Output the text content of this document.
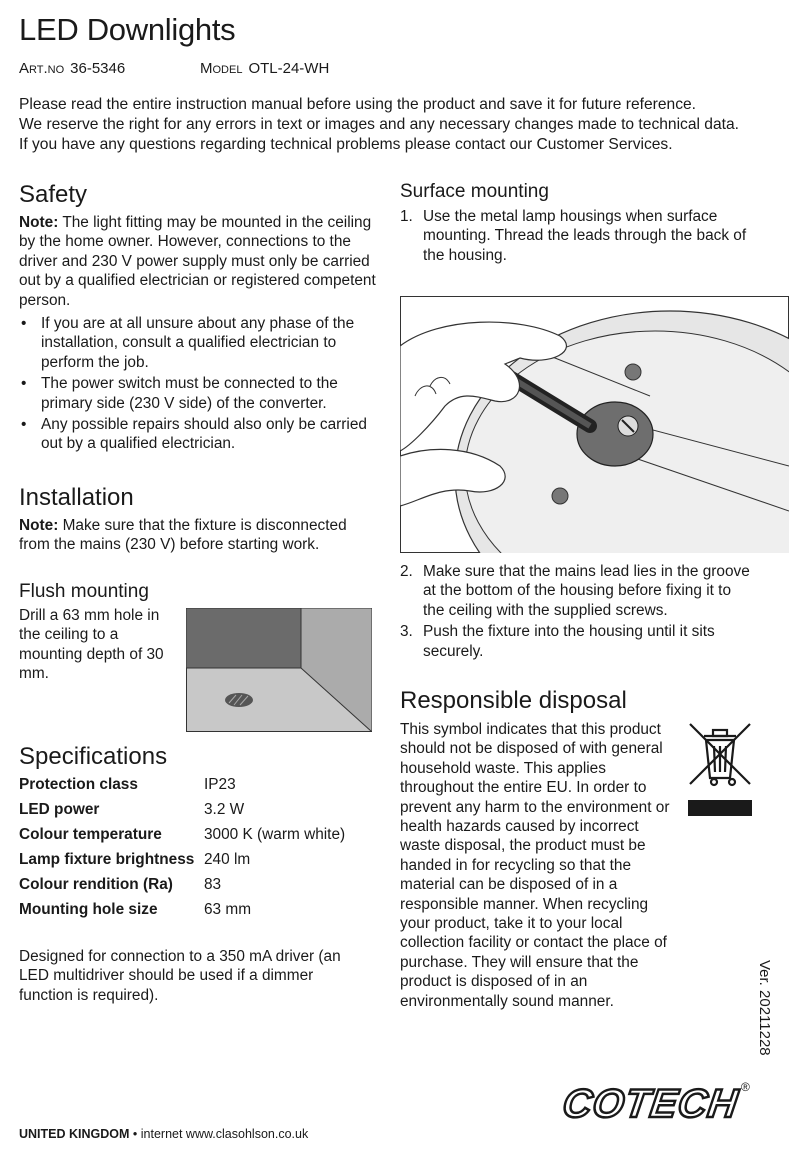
LED Downlights
Art.no 36-5346	Model OTL-24-WH

Please read the entire instruction manual before using the product and save it for future reference.

We reserve the right for any errors in text or images and any necessary changes made to technical data.

If you have any questions regarding technical problems please contact our Customer Services.

Safety
Note: The light fitting may be mounted in the ceiling by the home owner. However, connections to the driver and 230 V power supply must only be carried out by a qualified electrician or registered competent person.
• If you are at all unsure about any phase of the installation, consult a qualified electrician to perform the job.
• The power switch must be connected to the primary side (230 V side) of the converter.
• Any possible repairs should also only be carried out by a qualified electrician.
Installation
Note: Make sure that the fixture is disconnected from the mains (230 V) before starting work.
Flush mounting
Drill a 63 mm hole in the ceiling to a mounting depth of 30 mm.
Specifications
Protection class	IP23
LED power	3.2 W
Colour temperature	3000 K (warm white)
Lamp fixture brightness	240 lm
Colour rendition (Ra)	83
Mounting hole size	63 mm
Designed for connection to a 350 mA driver (an LED multidriver should be used if a dimmer function is required).
Surface mounting
1. Use the metal lamp housings when surface mounting. Thread the leads through the back of the housing.
2. Make sure that the mains lead lies in the groove at the bottom of the housing before fixing it to the ceiling with the supplied screws.
3. Push the fixture into the housing until it sits securely.
Responsible disposal
This symbol indicates that this product should not be disposed of with general household waste. This applies throughout the entire EU. In order to prevent any harm to the environment or health hazards caused by incorrect waste disposal, the product must be handed in for recycling so that the material can be disposed of in a responsible manner. When recycling your product, take it to your local collection facility or contact the place of purchase. They will ensure that the product is disposed of in an environmentally sound manner.	Ver. 20211228
COTECH ®
UNITED KINGDOM • internet www.clasohlson.co.uk
